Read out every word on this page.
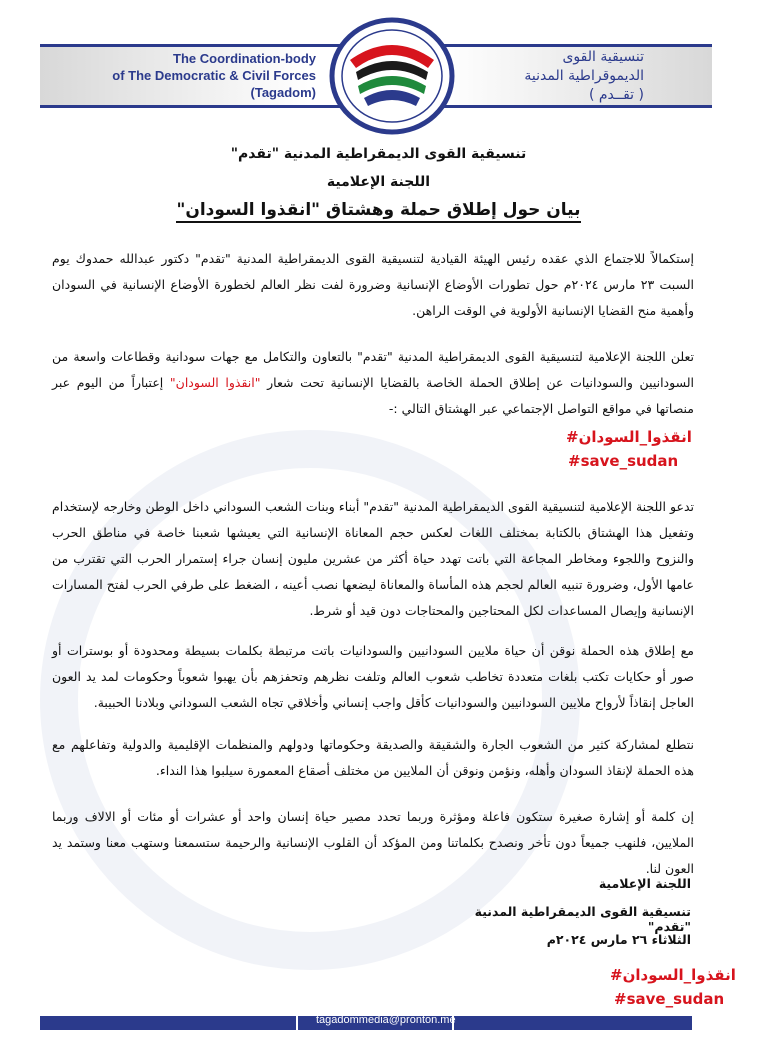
The Coordination-body
of The Democratic & Civil Forces
(Tagadom)
تنسيقية القوى
الديموقراطية المدنية
( تقــدم )
تنسيقية القوى الديمقراطية المدنية "تقدم"
اللجنة الإعلامية
بيان حول إطلاق حملة وهشتاق "انقذوا السودان"

إستكمالاً للاجتماع الذي عقده رئيس الهيئة القيادية لتنسيقية القوى الديمقراطية المدنية "تقدم" دكتور عبدالله حمدوك يوم السبت ٢٣ مارس ٢٠٢٤م حول تطورات الأوضاع الإنسانية وضرورة لفت نظر العالم لخطورة الأوضاع الإنسانية في السودان وأهمية منح القضايا الإنسانية الأولوية في الوقت الراهن.

تعلن اللجنة الإعلامية لتنسيقية القوى الديمقراطية المدنية "تقدم" بالتعاون والتكامل مع جهات سودانية وقطاعات واسعة من السودانيين والسودانيات عن إطلاق الحملة الخاصة بالقضايا الإنسانية تحت شعار "انقذوا السودان" إعتباراً من اليوم عبر منصاتها في مواقع التواصل الإجتماعي عبر الهشتاق التالي :-

#انقذوا_السودان
#save_sudan

تدعو اللجنة الإعلامية لتنسيقية القوى الديمقراطية المدنية "تقدم" أبناء وبنات الشعب السوداني داخل الوطن وخارجه لإستخدام وتفعيل هذا الهشتاق بالكتابة بمختلف اللغات لعكس حجم المعاناة الإنسانية التي يعيشها شعبنا خاصة في مناطق الحرب والنزوح واللجوء ومخاطر المجاعة التي باتت تهدد حياة أكثر من عشرين مليون إنسان جراء إستمرار الحرب التي تقترب من عامها الأول، وضرورة تنبيه العالم لحجم هذه المأساة والمعاناة ليضعها نصب أعينه ، الضغط على طرفي الحرب لفتح المسارات الإنسانية وإيصال المساعدات لكل المحتاجين والمحتاجات دون قيد أو شرط.

مع إطلاق هذه الحملة نوقن أن حياة ملايين السودانيين والسودانيات باتت مرتبطة بكلمات بسيطة ومحدودة أو بوسترات أو صور أو حكايات تكتب بلغات متعددة تخاطب شعوب العالم وتلفت نظرهم وتحفزهم بأن يهبوا شعوباً وحكومات لمد يد العون العاجل إنقاذاً لأرواح ملايين السودانيين والسودانيات كأقل واجب إنساني وأخلاقي تجاه الشعب السوداني وبلادنا الحبيبة.

نتطلع لمشاركة كثير من الشعوب الجارة والشقيقة والصديقة وحكوماتها ودولهم والمنظمات الإقليمية والدولية وتفاعلهم مع هذه الحملة لإنقاذ السودان وأهله، ونؤمن ونوقن أن الملايين من مختلف أصقاع المعمورة سيلبوا هذا النداء.

إن كلمة أو إشارة صغيرة ستكون فاعلة ومؤثرة وربما تحدد مصير حياة إنسان واحد أو عشرات أو مئات أو الالاف وربما الملايين، فلنهب جميعاً دون تأخر ونصدح بكلماتنا ومن المؤكد أن القلوب الإنسانية والرحيمة ستسمعنا وستهب معنا وستمد يد العون لنا.

اللجنة الإعلامية
تنسيقية القوى الديمقراطية المدنية "تقدم"
الثلاثاء ٢٦ مارس ٢٠٢٤م
#انقذوا_السودان
#save_sudan
tagadommedia@pronton.me
